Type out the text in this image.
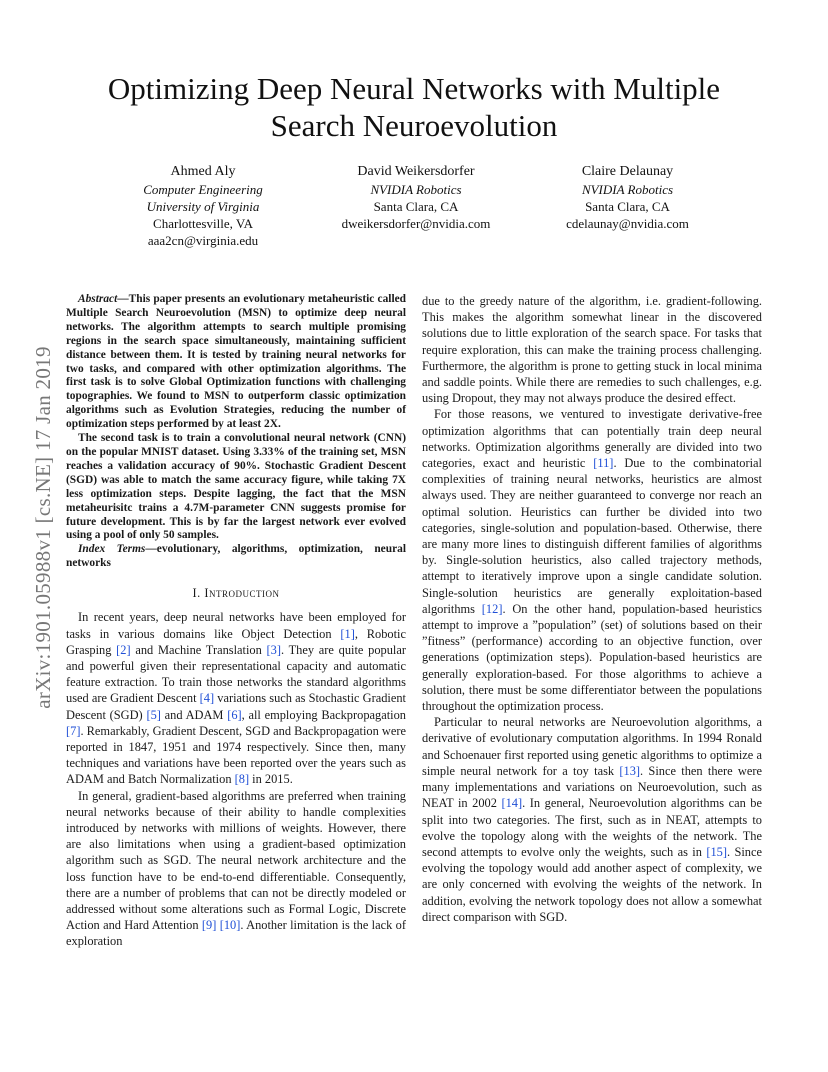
arXiv:1901.05988v1 [cs.NE] 17 Jan 2019
Optimizing Deep Neural Networks with Multiple
Search Neuroevolution
Ahmed Aly
Computer Engineering
University of Virginia
Charlottesville, VA
aaa2cn@virginia.edu
David Weikersdorfer
NVIDIA Robotics
Santa Clara, CA
dweikersdorfer@nvidia.com
Claire Delaunay
NVIDIA Robotics
Santa Clara, CA
cdelaunay@nvidia.com

Abstract—This paper presents an evolutionary metaheuristic called Multiple Search Neuroevolution (MSN) to optimize deep neural networks. The algorithm attempts to search multiple promising regions in the search space simultaneously, maintaining sufficient distance between them. It is tested by training neural networks for two tasks, and compared with other optimization algorithms. The first task is to solve Global Optimization functions with challenging topographies. We found to MSN to outperform classic optimization algorithms such as Evolution Strategies, reducing the number of optimization steps performed by at least 2X.

The second task is to train a convolutional neural network (CNN) on the popular MNIST dataset. Using 3.33% of the training set, MSN reaches a validation accuracy of 90%. Stochastic Gradient Descent (SGD) was able to match the same accuracy figure, while taking 7X less optimization steps. Despite lagging, the fact that the MSN metaheurisitc trains a 4.7M-parameter CNN suggests promise for future development. This is by far the largest network ever evolved using a pool of only 50 samples.

Index Terms—evolutionary, algorithms, optimization, neural networks

I. Introduction

In recent years, deep neural networks have been employed for tasks in various domains like Object Detection [1], Robotic Grasping [2] and Machine Translation [3]. They are quite popular and powerful given their representational capacity and automatic feature extraction. To train those networks the standard algorithms used are Gradient Descent [4] variations such as Stochastic Gradient Descent (SGD) [5] and ADAM [6], all employing Backpropagation [7]. Remarkably, Gradient Descent, SGD and Backpropagation were reported in 1847, 1951 and 1974 respectively. Since then, many techniques and variations have been reported over the years such as ADAM and Batch Normalization [8] in 2015.

In general, gradient-based algorithms are preferred when training neural networks because of their ability to handle complexities introduced by networks with millions of weights. However, there are also limitations when using a gradient-based optimization algorithm such as SGD. The neural network architecture and the loss function have to be end-to-end differentiable. Consequently, there are a number of problems that can not be directly modeled or addressed without some alterations such as Formal Logic, Discrete Action and Hard Attention [9] [10]. Another limitation is the lack of exploration

due to the greedy nature of the algorithm, i.e. gradient-following. This makes the algorithm somewhat linear in the discovered solutions due to little exploration of the search space. For tasks that require exploration, this can make the training process challenging. Furthermore, the algorithm is prone to getting stuck in local minima and saddle points. While there are remedies to such challenges, e.g. using Dropout, they may not always produce the desired effect.

For those reasons, we ventured to investigate derivative-free optimization algorithms that can potentially train deep neural networks. Optimization algorithms generally are divided into two categories, exact and heuristic [11]. Due to the combinatorial complexities of training neural networks, heuristics are almost always used. They are neither guaranteed to converge nor reach an optimal solution. Heuristics can further be divided into two categories, single-solution and population-based. Otherwise, there are many more lines to distinguish different families of algorithms by. Single-solution heuristics, also called trajectory methods, attempt to iteratively improve upon a single candidate solution. Single-solution heuristics are generally exploitation-based algorithms [12]. On the other hand, population-based heuristics attempt to improve a ”population” (set) of solutions based on their ”fitness” (performance) according to an objective function, over generations (optimization steps). Population-based heuristics are generally exploration-based. For those algorithms to achieve a solution, there must be some differentiator between the populations throughout the optimization process.

Particular to neural networks are Neuroevolution algorithms, a derivative of evolutionary computation algorithms. In 1994 Ronald and Schoenauer first reported using genetic algorithms to optimize a simple neural network for a toy task [13]. Since then there were many implementations and variations on Neuroevolution, such as NEAT in 2002 [14]. In general, Neuroevolution algorithms can be split into two categories. The first, such as in NEAT, attempts to evolve the topology along with the weights of the network. The second attempts to evolve only the weights, such as in [15]. Since evolving the topology would add another aspect of complexity, we are only concerned with evolving the weights of the network. In addition, evolving the network topology does not allow a somewhat direct comparison with SGD.
